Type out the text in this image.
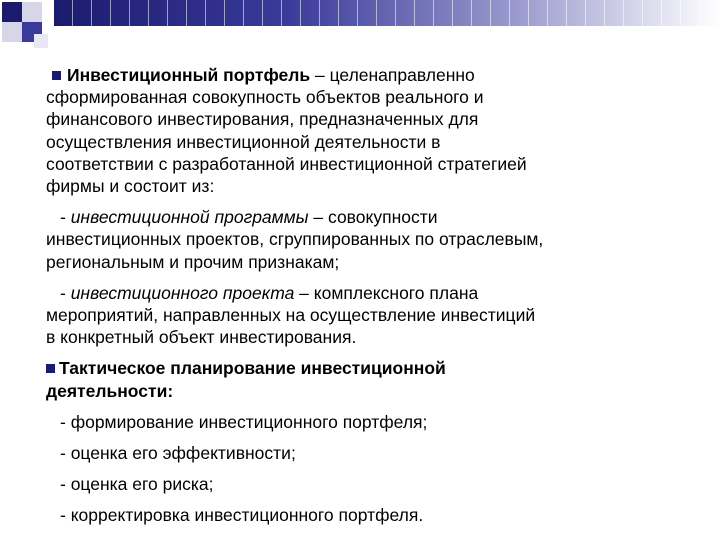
Инвестиционный портфель – целенаправленно
сформированная совокупность объектов реального и
финансового инвестирования, предназначенных для
осуществления инвестиционной деятельности в
соответствии с разработанной инвестиционной стратегией
фирмы и состоит из:

- инвестиционной программы – совокупности
инвестиционных проектов, сгруппированных по отраслевым,
региональным и прочим признакам;

- инвестиционного проекта – комплексного плана
мероприятий, направленных на осуществление инвестиций
в конкретный объект инвестирования.

Тактическое планирование инвестиционной
деятельности:

- формирование инвестиционного портфеля;

- оценка его эффективности;

- оценка его риска;

- корректировка инвестиционного портфеля.
